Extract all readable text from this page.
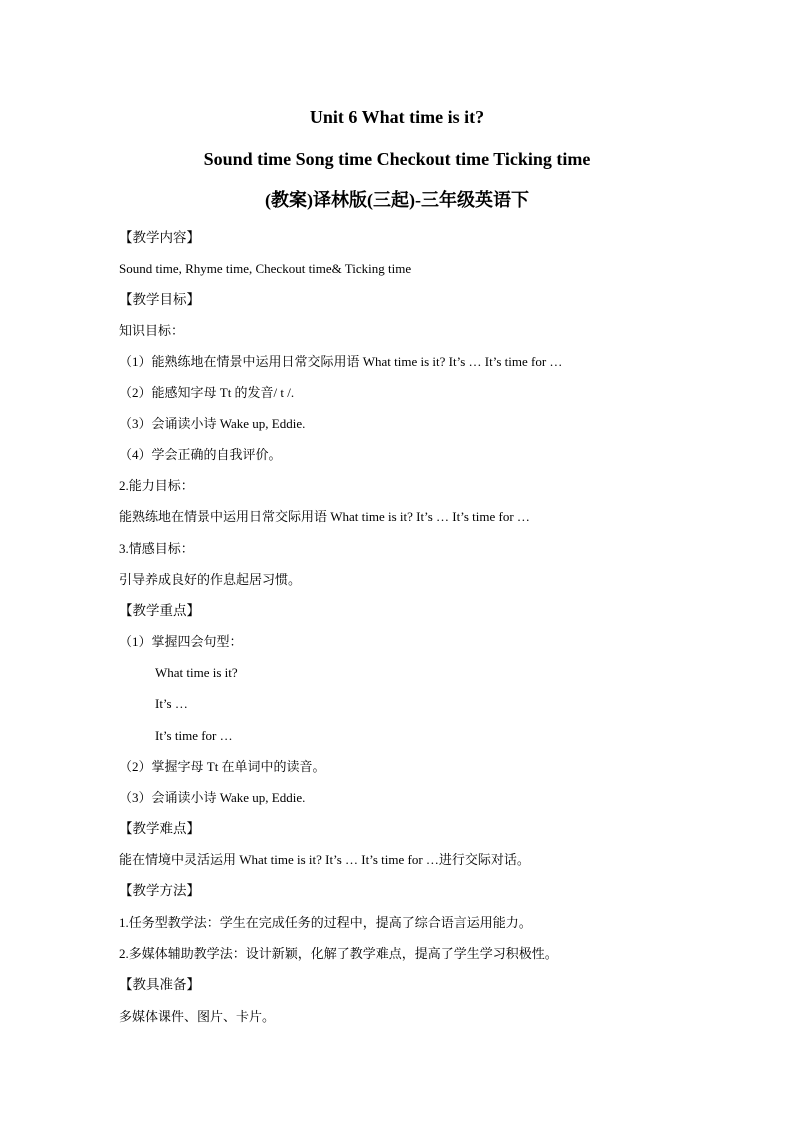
Unit 6 What time is it?
Sound time Song time Checkout time Ticking time
(教案)译林版(三起)-三年级英语下
【教学内容】
Sound time, Rhyme time, Checkout time& Ticking time
【教学目标】
知识目标：
（1）能熟练地在情景中运用日常交际用语 What time is it? It’s … It’s time for …
（2）能感知字母 Tt 的发音/ t /.
（3）会诵读小诗 Wake up, Eddie.
（4）学会正确的自我评价。
2.能力目标：
能熟练地在情景中运用日常交际用语 What time is it? It’s … It’s time for …
3.情感目标：
引导养成良好的作息起居习惯。
【教学重点】
（1）掌握四会句型：
What time is it?
It’s …
It’s time for …
（2）掌握字母 Tt 在单词中的读音。
（3）会诵读小诗 Wake up, Eddie.
【教学难点】
能在情境中灵活运用 What time is it? It’s … It’s time for …进行交际对话。
【教学方法】
1.任务型教学法：学生在完成任务的过程中，提高了综合语言运用能力。
2.多媒体辅助教学法：设计新颖，化解了教学难点，提高了学生学习积极性。
【教具准备】
多媒体课件、图片、卡片。
